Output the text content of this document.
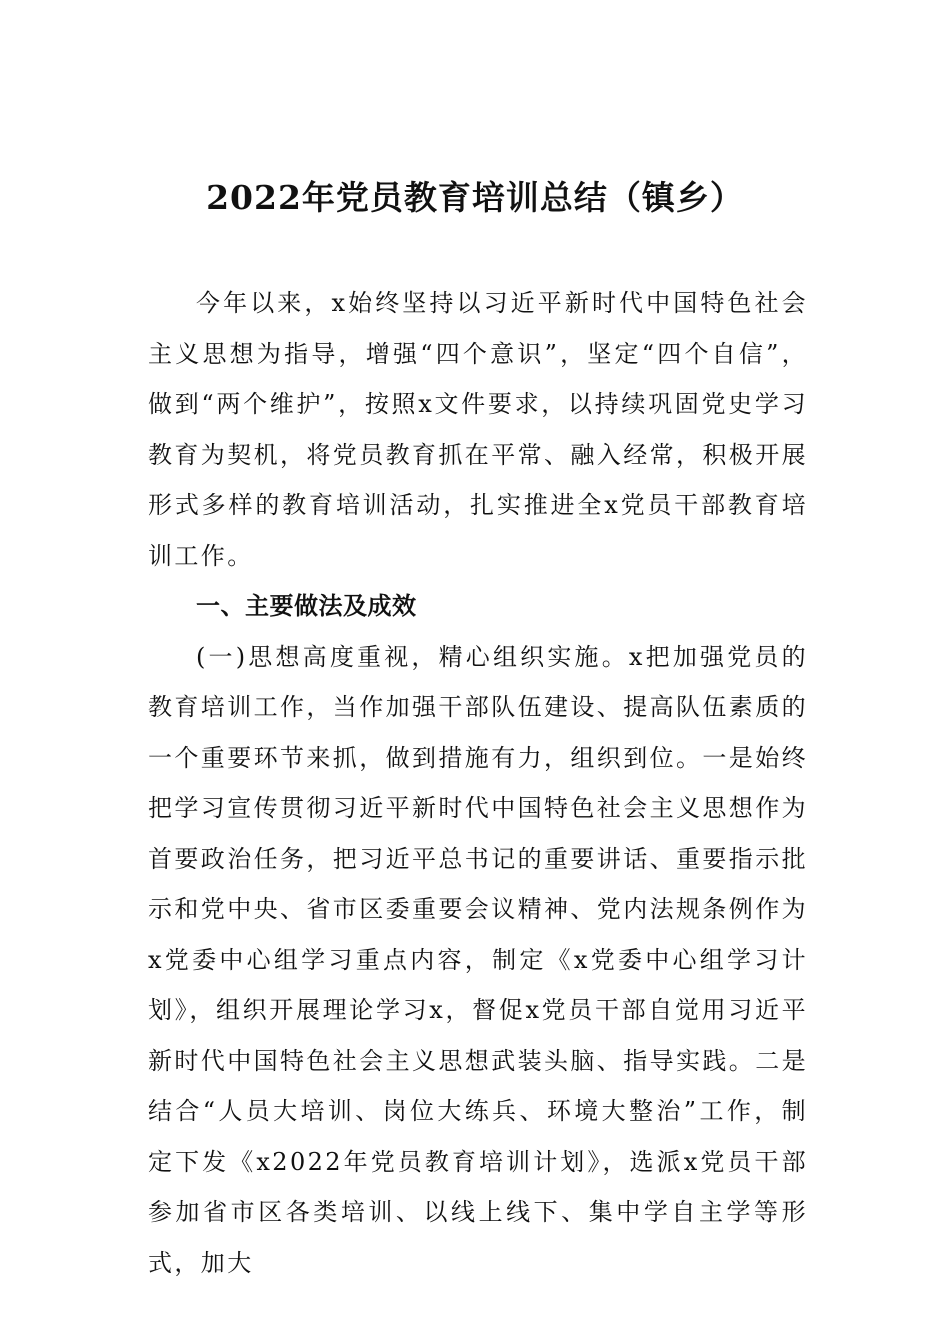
2022年党员教育培训总结（镇乡）

今年以来，x始终坚持以习近平新时代中国特色社会主义思想为指导，增强“四个意识”，坚定“四个自信”，做到“两个维护”，按照x文件要求，以持续巩固党史学习教育为契机，将党员教育抓在平常、融入经常，积极开展形式多样的教育培训活动，扎实推进全x党员干部教育培训工作。

一、主要做法及成效

(一)思想高度重视，精心组织实施。x把加强党员的教育培训工作，当作加强干部队伍建设、提高队伍素质的一个重要环节来抓，做到措施有力，组织到位。一是始终把学习宣传贯彻习近平新时代中国特色社会主义思想作为首要政治任务，把习近平总书记的重要讲话、重要指示批示和党中央、省市区委重要会议精神、党内法规条例作为x党委中心组学习重点内容，制定《x党委中心组学习计划》，组织开展理论学习x，督促x党员干部自觉用习近平新时代中国特色社会主义思想武装头脑、指导实践。二是结合“人员大培训、岗位大练兵、环境大整治”工作，制定下发《x2022年党员教育培训计划》，选派x党员干部参加省市区各类培训、以线上线下、集中学自主学等形式，加大
